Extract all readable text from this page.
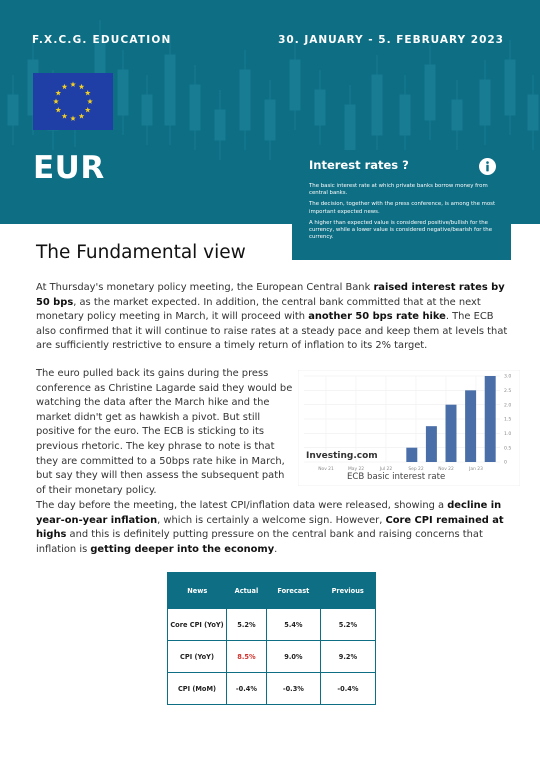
F.X.C.G. EDUCATION	30. JANUARY - 5. FEBRUARY 2023
EUR	Interest rates ?

The basic interest rate at which private banks borrow money from central banks.

The decision, together with the press conference, is among the most important expected news.

A higher than expected value is considered positive/bullish for the currency, while a lower value is considered negative/bearish for the currency.

The Fundamental view

At Thursday's monetary policy meeting, the European Central Bank raised interest rates by 50 bps, as the market expected. In addition, the central bank committed that at the next monetary policy meeting in March, it will proceed with another 50 bps rate hike. The ECB also confirmed that it will continue to raise rates at a steady pace and keep them at levels that are sufficiently restrictive to ensure a timely return of inflation to its 2% target.

The euro pulled back its gains during the press conference as Christine Lagarde said they would be watching the data after the March hike and the market didn't get as hawkish a pivot. But still positive for the euro. The ECB is sticking to its previous rhetoric. The key phrase to note is that they are committed to a 50bps rate hike in March, but say they will then assess the subsequent path of their monetary policy.

0
0.5
1.0
1.5
2.0
2.5
3.0
Nov 21	May 22	Jul 22	Sep 22	Nov 22	Jan 23
Investing.com
ECB basic interest rate

The day before the meeting, the latest CPI/inflation data were released, showing a decline in year-on-year inflation, which is certainly a welcome sign. However, Core CPI remained at highs and this is definitely putting pressure on the central bank and raising concerns that inflation is getting deeper into the economy.

News	Actual	Forecast	Previous
Core CPI (YoY)	5.2%	5.4%	5.2%
CPI (YoY)	8.5%	9.0%	9.2%
CPI (MoM)	-0.4%	-0.3%	-0.4%
